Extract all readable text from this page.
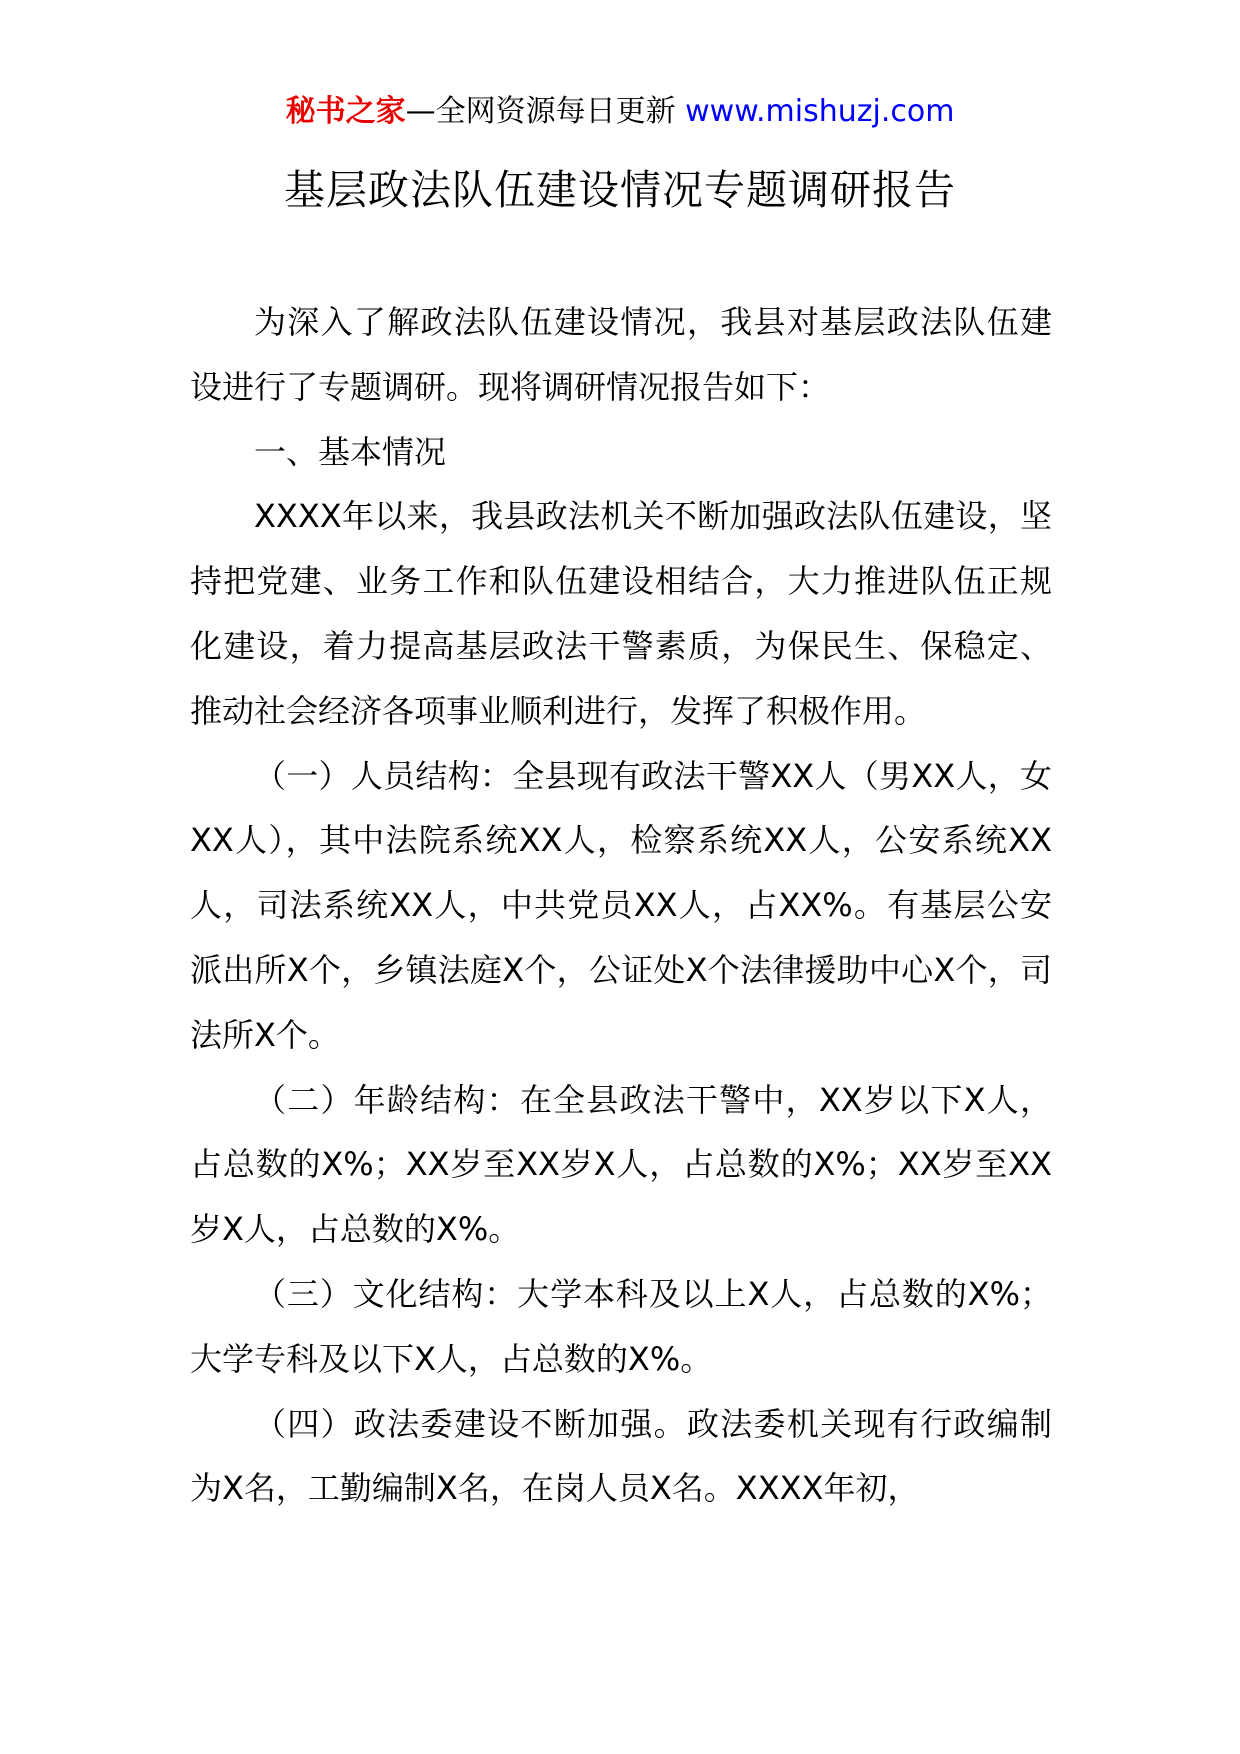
秘书之家—全网资源每日更新 www.mishuzj.com
基层政法队伍建设情况专题调研报告

为深入了解政法队伍建设情况，我县对基层政法队伍建设进行了专题调研。现将调研情况报告如下：

一、基本情况

XXXX年以来，我县政法机关不断加强政法队伍建设，坚持把党建、业务工作和队伍建设相结合，大力推进队伍正规化建设，着力提高基层政法干警素质，为保民生、保稳定、推动社会经济各项事业顺利进行，发挥了积极作用。

（一）人员结构：全县现有政法干警XX人（男XX人，女XX人），其中法院系统XX人，检察系统XX人，公安系统XX人，司法系统XX人，中共党员XX人，占XX%。有基层公安派出所X个，乡镇法庭X个，公证处X个法律援助中心X个，司法所X个。

（二）年龄结构：在全县政法干警中，XX岁以下X人，占总数的X%；XX岁至XX岁X人，占总数的X%；XX岁至XX岁X人，占总数的X%。

（三）文化结构：大学本科及以上X人，占总数的X%；大学专科及以下X人，占总数的X%。

（四）政法委建设不断加强。政法委机关现有行政编制为X名，工勤编制X名，在岗人员X名。XXXX年初，
